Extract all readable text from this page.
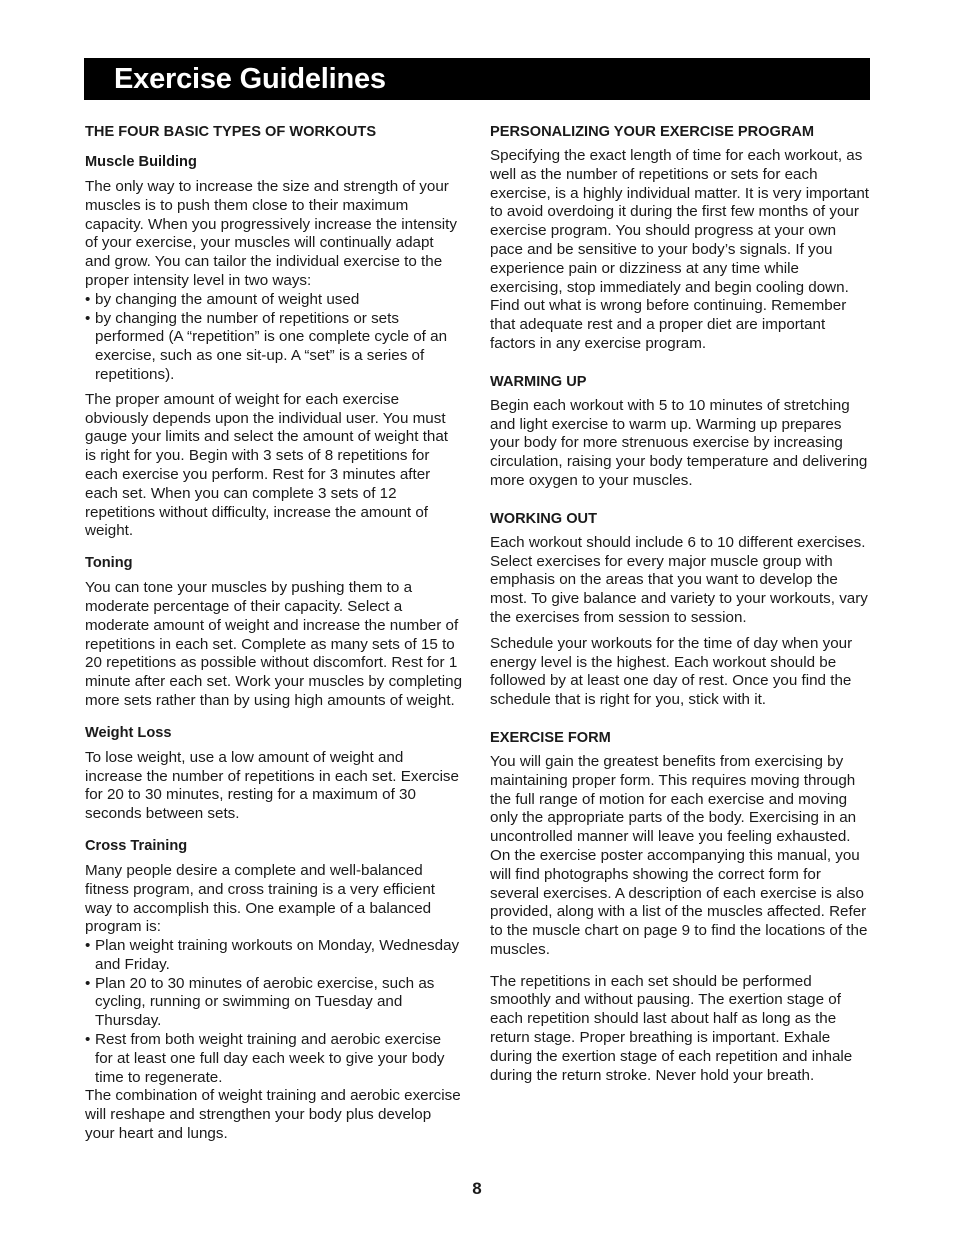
Exercise Guidelines
THE FOUR BASIC TYPES OF WORKOUTS
Muscle Building

The only way to increase the size and strength of your muscles is to push them close to their maximum capacity. When you progressively increase the intensity of your exercise, your muscles will continually adapt and grow. You can tailor the individual exercise to the proper intensity level in two ways:

• by changing the amount of weight used
• by changing the number of repetitions or sets performed (A “repetition” is one complete cycle of an exercise, such as one sit-up. A “set” is a series of repetitions).

The proper amount of weight for each exercise obviously depends upon the individual user. You must gauge your limits and select the amount of weight that is right for you. Begin with 3 sets of 8 repetitions for each exercise you perform. Rest for 3 minutes after each set. When you can complete 3 sets of 12 repetitions without difficulty, increase the amount of weight.

Toning

You can tone your muscles by pushing them to a moderate percentage of their capacity. Select a moderate amount of weight and increase the number of repetitions in each set. Complete as many sets of 15 to 20 repetitions as possible without discomfort. Rest for 1 minute after each set. Work your muscles by completing more sets rather than by using high amounts of weight.

Weight Loss

To lose weight, use a low amount of weight and increase the number of repetitions in each set. Exercise for 20 to 30 minutes, resting for a maximum of 30 seconds between sets.

Cross Training

Many people desire a complete and well-balanced fitness program, and cross training is a very efficient way to accomplish this. One example of a balanced program is:

• Plan weight training workouts on Monday, Wednesday and Friday.
• Plan 20 to 30 minutes of aerobic exercise, such as cycling, running or swimming on Tuesday and Thursday.
• Rest from both weight training and aerobic exercise for at least one full day each week to give your body time to regenerate.

The combination of weight training and aerobic exercise will reshape and strengthen your body plus develop your heart and lungs.

PERSONALIZING YOUR EXERCISE PROGRAM

Specifying the exact length of time for each workout, as well as the number of repetitions or sets for each exercise, is a highly individual matter. It is very important to avoid overdoing it during the first few months of your exercise program. You should progress at your own pace and be sensitive to your body’s signals. If you experience pain or dizziness at any time while exercising, stop immediately and begin cooling down. Find out what is wrong before continuing. Remember that adequate rest and a proper diet are important factors in any exercise program.

WARMING UP

Begin each workout with 5 to 10 minutes of stretching and light exercise to warm up. Warming up prepares your body for more strenuous exercise by increasing circulation, raising your body temperature and delivering more oxygen to your muscles.

WORKING OUT

Each workout should include 6 to 10 different exercises. Select exercises for every major muscle group with emphasis on the areas that you want to develop the most. To give balance and variety to your workouts, vary the exercises from session to session.

Schedule your workouts for the time of day when your energy level is the highest. Each workout should be followed by at least one day of rest. Once you find the schedule that is right for you, stick with it.

EXERCISE FORM

You will gain the greatest benefits from exercising by maintaining proper form. This requires moving through the full range of motion for each exercise and moving only the appropriate parts of the body. Exercising in an uncontrolled manner will leave you feeling exhausted. On the exercise poster accompanying this manual, you will find photographs showing the correct form for several exercises. A description of each exercise is also provided, along with a list of the muscles affected. Refer to the muscle chart on page 9 to find the locations of the muscles.

The repetitions in each set should be performed smoothly and without pausing. The exertion stage of each repetition should last about half as long as the return stage. Proper breathing is important. Exhale during the exertion stage of each repetition and inhale during the return stroke. Never hold your breath.

8
